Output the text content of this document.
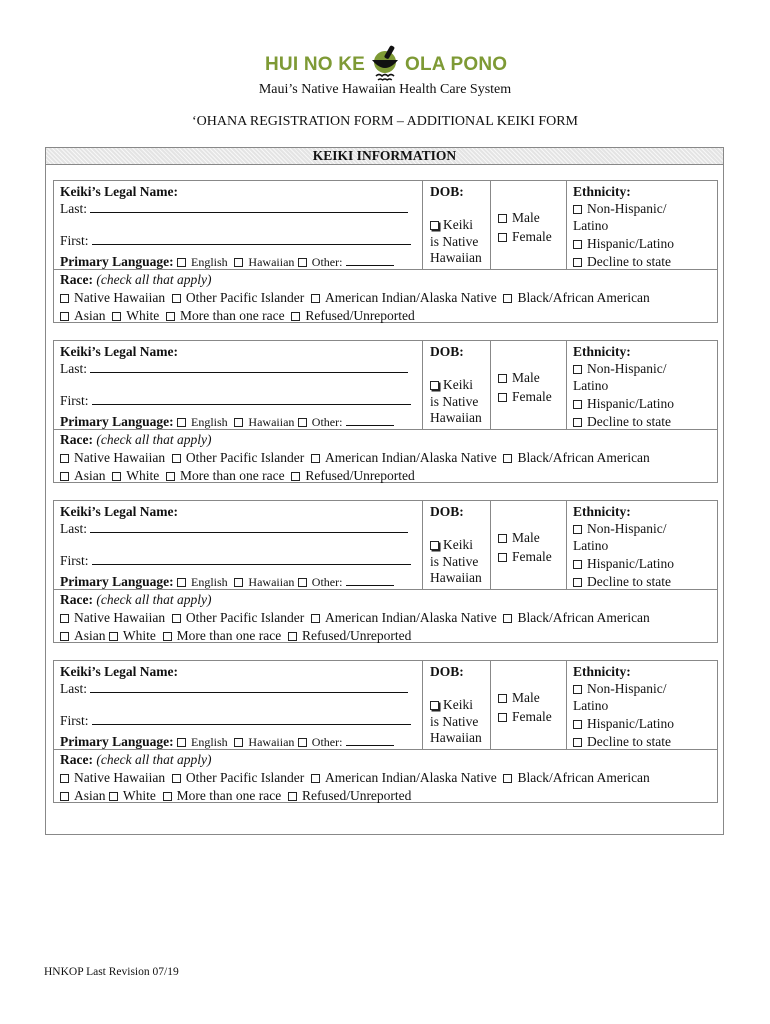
HUI NO KE OLA PONO
Maui’s Native Hawaiian Health Care System
‘OHANA REGISTRATION FORM – ADDITIONAL KEIKI FORM
KEIKI INFORMATION
Keiki’s Legal Name:
Last:
First:
Primary Language: English Hawaiian Other:
DOB:
Keiki
is Native
Hawaiian
Male
Female
Ethnicity:
Non-Hispanic/
Latino
Hispanic/Latino
Decline to state
Race: (check all that apply)
Native Hawaiian Other Pacific Islander American Indian/Alaska Native Black/African American
Asian White More than one race Refused/Unreported
Keiki’s Legal Name:
Last:
First:
Primary Language: English Hawaiian Other:
DOB:
Keiki
is Native
Hawaiian
Male
Female
Ethnicity:
Non-Hispanic/
Latino
Hispanic/Latino
Decline to state
Race: (check all that apply)
Native Hawaiian Other Pacific Islander American Indian/Alaska Native Black/African American
Asian White More than one race Refused/Unreported
Keiki’s Legal Name:
Last:
First:
Primary Language: English Hawaiian Other:
DOB:
Keiki
is Native
Hawaiian
Male
Female
Ethnicity:
Non-Hispanic/
Latino
Hispanic/Latino
Decline to state
Race: (check all that apply)
Native Hawaiian Other Pacific Islander American Indian/Alaska Native Black/African American
Asian White More than one race Refused/Unreported
Keiki’s Legal Name:
Last:
First:
Primary Language: English Hawaiian Other:
DOB:
Keiki
is Native
Hawaiian
Male
Female
Ethnicity:
Non-Hispanic/
Latino
Hispanic/Latino
Decline to state
Race: (check all that apply)
Native Hawaiian Other Pacific Islander American Indian/Alaska Native Black/African American
Asian White More than one race Refused/Unreported
HNKOP Last Revision 07/19
